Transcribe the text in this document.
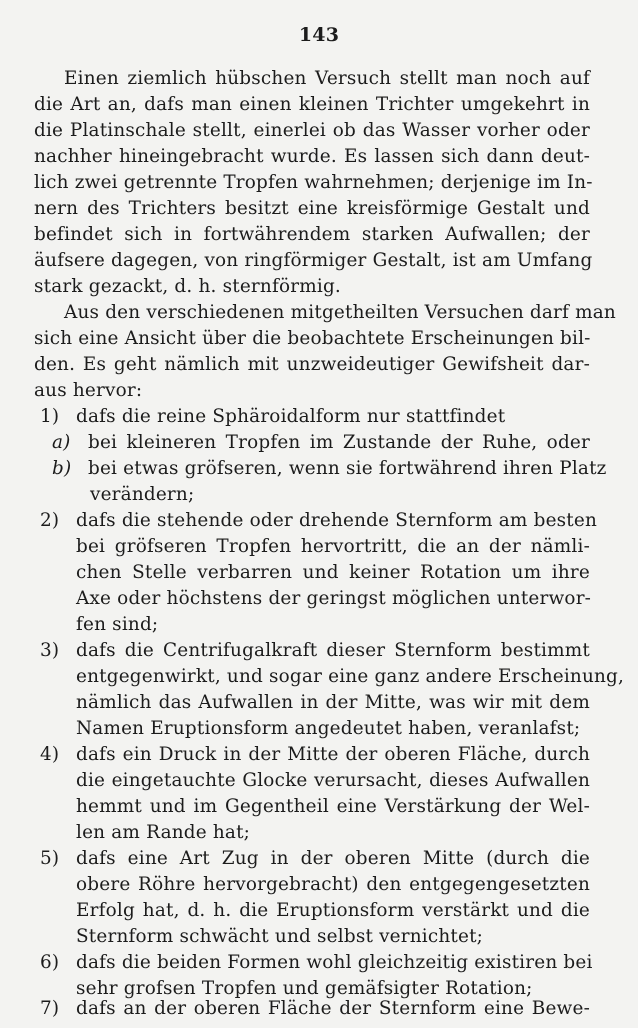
143
Einen ziemlich hübschen Versuch stellt man noch auf
die Art an, dafs man einen kleinen Trichter umgekehrt in
die Platinschale stellt, einerlei ob das Wasser vorher oder
nachher hineingebracht wurde. Es lassen sich dann deut-
lich zwei getrennte Tropfen wahrnehmen; derjenige im In-
nern des Trichters besitzt eine kreisförmige Gestalt und
befindet sich in fortwährendem starken Aufwallen; der
äufsere dagegen, von ringförmiger Gestalt, ist am Umfang
stark gezackt, d. h. sternförmig.
Aus den verschiedenen mitgetheilten Versuchen darf man
sich eine Ansicht über die beobachtete Erscheinungen bil-
den. Es geht nämlich mit unzweideutiger Gewifsheit dar-
aus hervor:
1) dafs die reine Sphäroidalform nur stattfindet
a) bei kleineren Tropfen im Zustande der Ruhe, oder
b) bei etwas gröfseren, wenn sie fortwährend ihren Platz
verändern;
2) dafs die stehende oder drehende Sternform am besten
bei gröfseren Tropfen hervortritt, die an der nämli-
chen Stelle verbarren und keiner Rotation um ihre
Axe oder höchstens der geringst möglichen unterwor-
fen sind;
3) dafs die Centrifugalkraft dieser Sternform bestimmt
entgegenwirkt, und sogar eine ganz andere Erscheinung,
nämlich das Aufwallen in der Mitte, was wir mit dem
Namen Eruptionsform angedeutet haben, veranlafst;
4) dafs ein Druck in der Mitte der oberen Fläche, durch
die eingetauchte Glocke verursacht, dieses Aufwallen
hemmt und im Gegentheil eine Verstärkung der Wel-
len am Rande hat;
5) dafs eine Art Zug in der oberen Mitte (durch die
obere Röhre hervorgebracht) den entgegengesetzten
Erfolg hat, d. h. die Eruptionsform verstärkt und die
Sternform schwächt und selbst vernichtet;
6) dafs die beiden Formen wohl gleichzeitig existiren bei
sehr grofsen Tropfen und gemäfsigter Rotation;
7) dafs an der oberen Fläche der Sternform eine Bewe-
